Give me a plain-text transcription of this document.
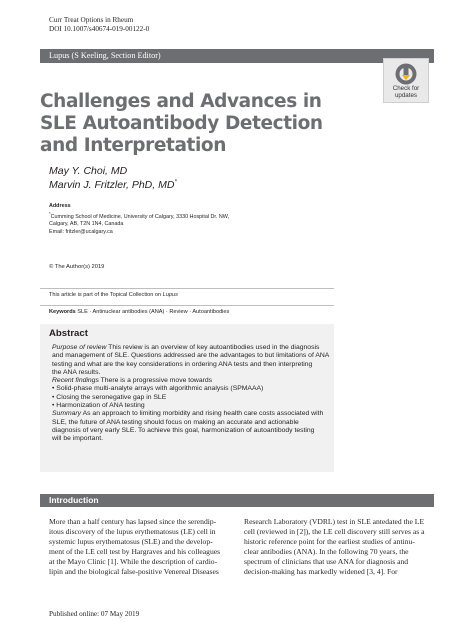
Curr Treat Options in Rheum
DOI 10.1007/s40674-019-00122-0
Lupus (S Keeling, Section Editor)
Check for
updates
Challenges and Advances in SLE Autoantibody Detection and Interpretation
May Y. Choi, MD
Marvin J. Fritzler, PhD, MD*
Address
*Cumming School of Medicine, University of Calgary, 3330 Hospital Dr. NW,
Calgary, AB, T2N 1N4, Canada
Email: fritzler@ucalgary.ca
© The Author(s) 2019
This article is part of the Topical Collection on Lupus
Keywords SLE · Antinuclear antibodies (ANA) · Review · Autoantibodies
Abstract
Purpose of review This review is an overview of key autoantibodies used in the diagnosis
and management of SLE. Questions addressed are the advantages to but limitations of ANA
testing and what are the key considerations in ordering ANA tests and then interpreting
the ANA results.
Recent findings There is a progressive move towards
• Solid-phase multi-analyte arrays with algorithmic analysis (SPMAAA)
• Closing the seronegative gap in SLE
• Harmonization of ANA testing
Summary As an approach to limiting morbidity and rising health care costs associated with
SLE, the future of ANA testing should focus on making an accurate and actionable
diagnosis of very early SLE. To achieve this goal, harmonization of autoantibody testing
will be important.
Introduction
More than a half century has lapsed since the serendip-
itous discovery of the lupus erythematosus (LE) cell in
systemic lupus erythematosus (SLE) and the develop-
ment of the LE cell test by Hargraves and his colleagues
at the Mayo Clinic [1]. While the description of cardio-
lipin and the biological false-positive Venereal Diseases
Research Laboratory (VDRL) test in SLE antedated the LE
cell (reviewed in [2]), the LE cell discovery still serves as a
historic reference point for the earliest studies of antinu-
clear antibodies (ANA). In the following 70 years, the
spectrum of clinicians that use ANA for diagnosis and
decision-making has markedly widened [3, 4]. For
Published online: 07 May 2019
